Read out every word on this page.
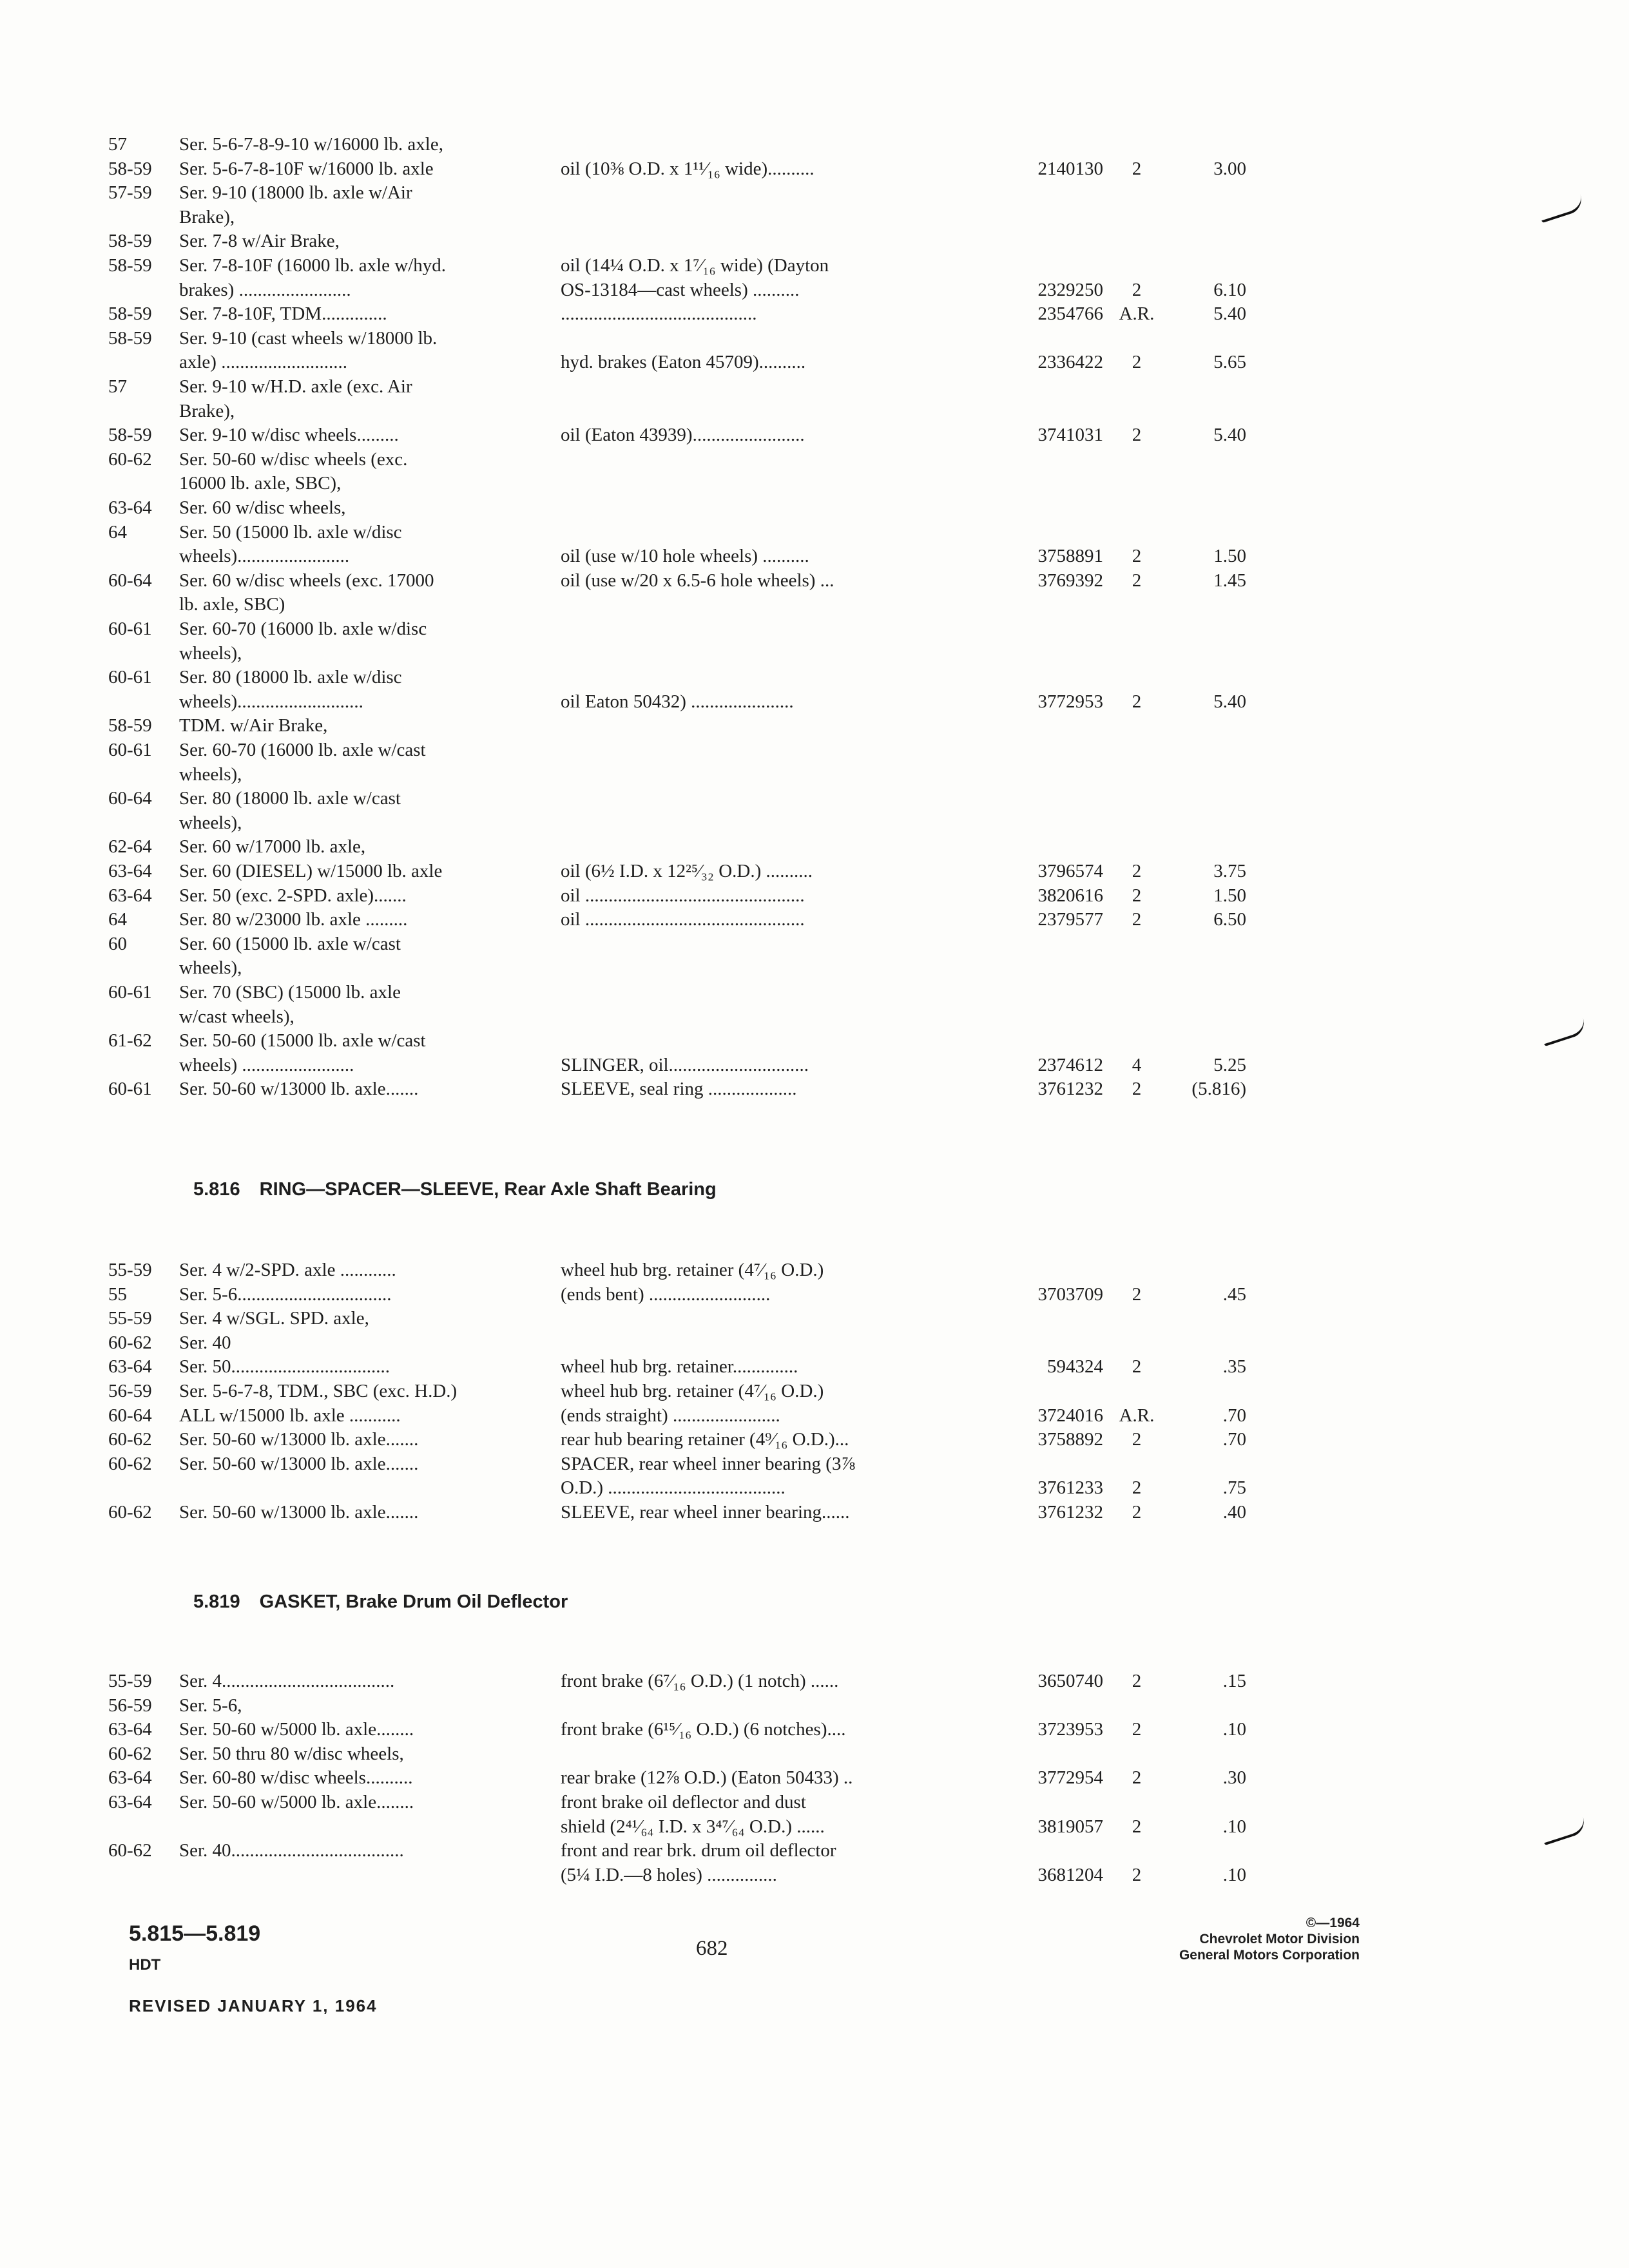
57	Ser. 5-6-7-8-9-10 w/16000 lb. axle,
58-59 Ser. 5-6-7-8-10F w/16000 lb. axle	oil (10⅜ O.D. x 1¹¹⁄₁₆ wide)..........	2140130	2	3.00
57-59 Ser. 9-10 (18000 lb. axle w/Air
Brake),
58-59 Ser. 7-8 w/Air Brake,
58-59 Ser. 7-8-10F (16000 lb. axle w/hyd.	oil (14¼ O.D. x 1⁷⁄₁₆ wide) (Dayton
brakes) ........................	OS-13184—cast wheels) ..........	2329250	2	6.10
58-59 Ser. 7-8-10F, TDM..............	..........................................	2354766 A.R.	5.40
58-59 Ser. 9-10 (cast wheels w/18000 lb.
axle) ...........................	hyd. brakes (Eaton 45709)..........	2336422	2	5.65
57	Ser. 9-10 w/H.D. axle (exc. Air
Brake),
58-59 Ser. 9-10 w/disc wheels.........	oil (Eaton 43939)........................	3741031	2	5.40
60-62 Ser. 50-60 w/disc wheels (exc.
16000 lb. axle, SBC),
63-64 Ser. 60 w/disc wheels,
64	Ser. 50 (15000 lb. axle w/disc
wheels)........................	oil (use w/10 hole wheels) ..........	3758891	2	1.50
60-64 Ser. 60 w/disc wheels (exc. 17000	oil (use w/20 x 6.5-6 hole wheels) ...	3769392	2	1.45
lb. axle, SBC)
60-61 Ser. 60-70 (16000 lb. axle w/disc
wheels),
60-61 Ser. 80 (18000 lb. axle w/disc
wheels)...........................	oil Eaton 50432) ......................	3772953	2	5.40
58-59 TDM. w/Air Brake,
60-61 Ser. 60-70 (16000 lb. axle w/cast
wheels),
60-64 Ser. 80 (18000 lb. axle w/cast
wheels),
62-64 Ser. 60 w/17000 lb. axle,
63-64 Ser. 60 (DIESEL) w/15000 lb. axle	oil (6½ I.D. x 12²⁵⁄₃₂ O.D.) ..........	3796574	2	3.75
63-64 Ser. 50 (exc. 2-SPD. axle).......	oil ...............................................	3820616	2	1.50
64	Ser. 80 w/23000 lb. axle .........	oil ...............................................	2379577	2	6.50
60	Ser. 60 (15000 lb. axle w/cast
wheels),
60-61 Ser. 70 (SBC) (15000 lb. axle
w/cast wheels),
61-62 Ser. 50-60 (15000 lb. axle w/cast
wheels) ........................	SLINGER, oil..............................	2374612	4	5.25
60-61 Ser. 50-60 w/13000 lb. axle.......	SLEEVE, seal ring ...................	3761232	2	(5.816)
5.816 RING—SPACER—SLEEVE, Rear Axle Shaft Bearing
55-59 Ser. 4 w/2-SPD. axle ............	wheel hub brg. retainer (4⁷⁄₁₆ O.D.)
55	Ser. 5-6.................................	(ends bent) ..........................	3703709	2	.45
55-59 Ser. 4 w/SGL. SPD. axle,
60-62 Ser. 40
63-64 Ser. 50..................................	wheel hub brg. retainer..............	594324	2	.35
56-59 Ser. 5-6-7-8, TDM., SBC (exc. H.D.)	wheel hub brg. retainer (4⁷⁄₁₆ O.D.)
60-64 ALL w/15000 lb. axle ...........	(ends straight) .......................	3724016 A.R.	.70
60-62 Ser. 50-60 w/13000 lb. axle.......	rear hub bearing retainer (4⁹⁄₁₆ O.D.)...	3758892	2	.70
60-62 Ser. 50-60 w/13000 lb. axle.......	SPACER, rear wheel inner bearing (3⅞
O.D.) ......................................	3761233	2	.75
60-62 Ser. 50-60 w/13000 lb. axle.......	SLEEVE, rear wheel inner bearing......	3761232	2	.40
5.819 GASKET, Brake Drum Oil Deflector
55-59 Ser. 4.....................................	front brake (6⁷⁄₁₆ O.D.) (1 notch) ......	3650740	2	.15
56-59 Ser. 5-6,
63-64 Ser. 50-60 w/5000 lb. axle........	front brake (6¹⁵⁄₁₆ O.D.) (6 notches)....	3723953	2	.10
60-62 Ser. 50 thru 80 w/disc wheels,
63-64 Ser. 60-80 w/disc wheels..........	rear brake (12⅞ O.D.) (Eaton 50433) ..	3772954	2	.30
63-64 Ser. 50-60 w/5000 lb. axle........	front brake oil deflector and dust
shield (2⁴¹⁄₆₄ I.D. x 3⁴⁷⁄₆₄ O.D.) ......	3819057	2	.10
60-62 Ser. 40.....................................	front and rear brk. drum oil deflector
(5¼ I.D.—8 holes) ...............	3681204	2	.10
5.815—5.819
HDT
REVISED JANUARY 1, 1964
682
©—1964
Chevrolet Motor Division
General Motors Corporation
